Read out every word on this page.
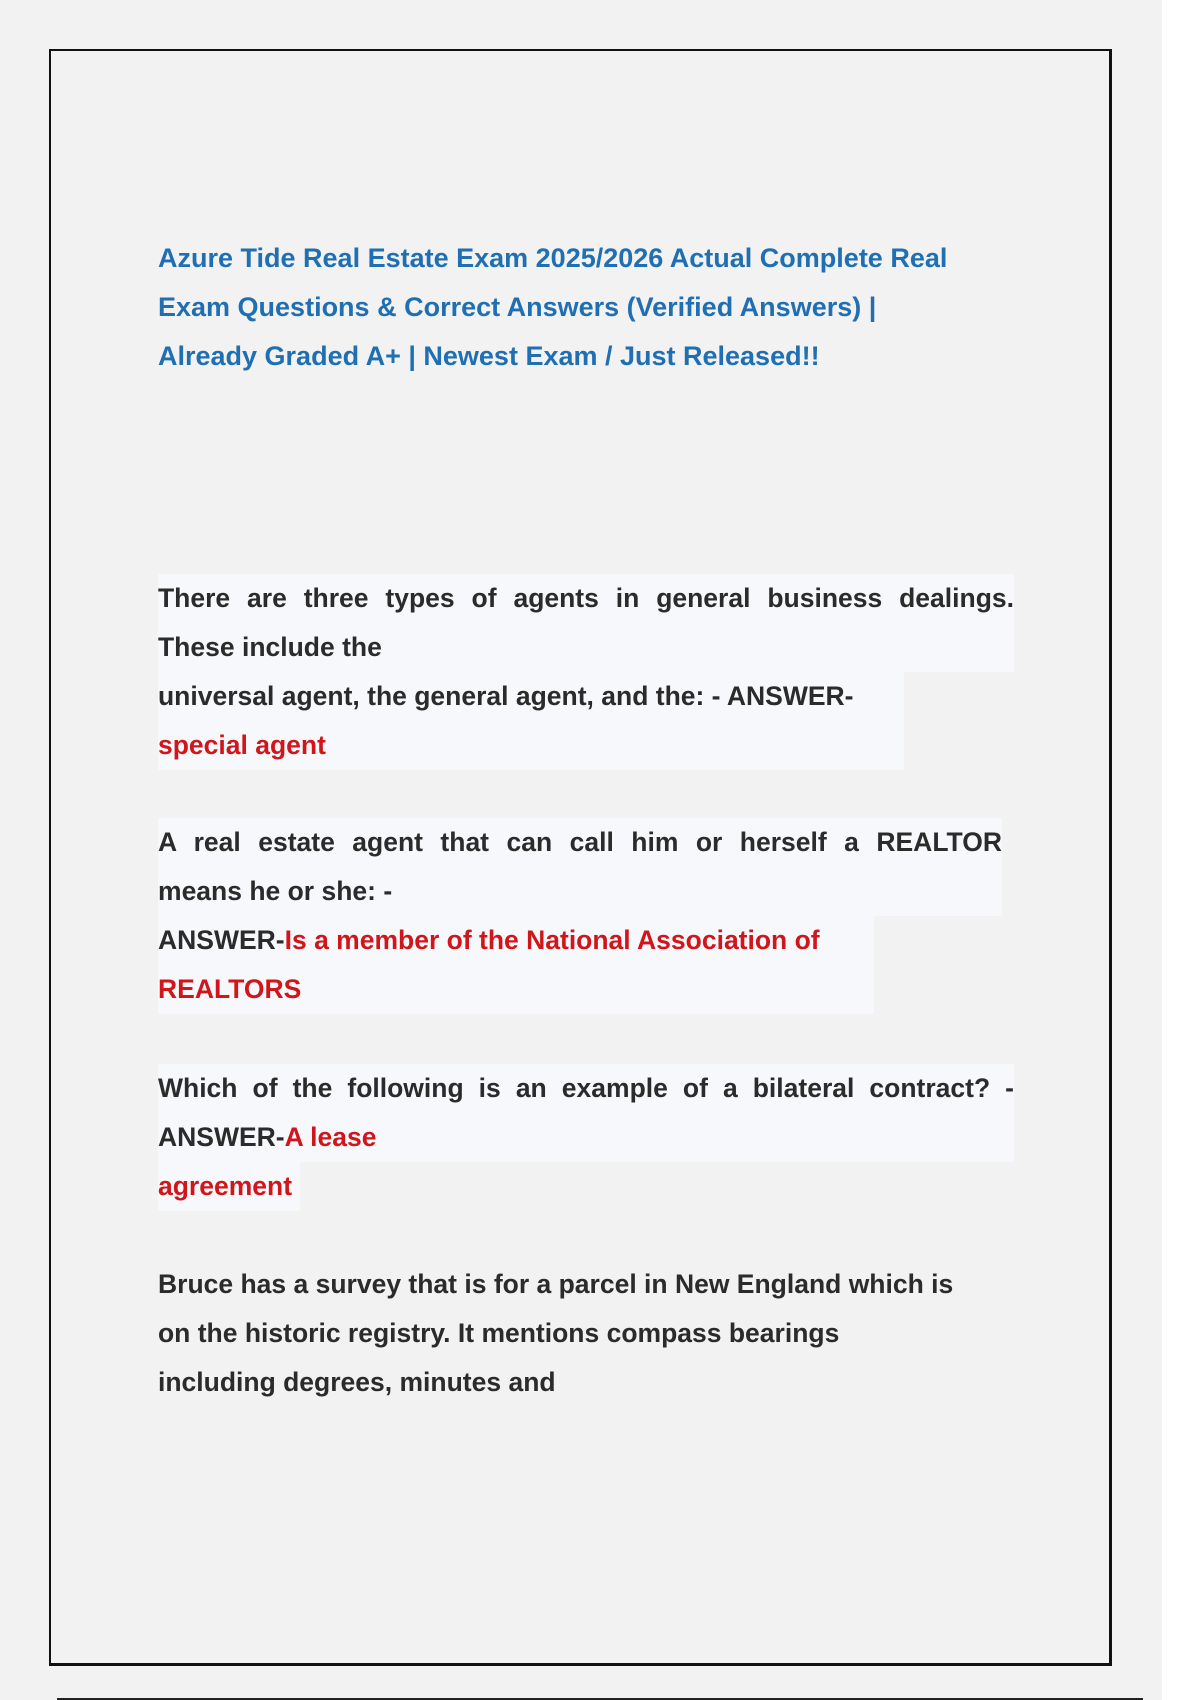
Azure Tide Real Estate Exam 2025/2026 Actual Complete Real
Exam Questions & Correct Answers (Verified Answers) |
Already Graded A+ | Newest Exam / Just Released!!
There are three types of agents in general business dealings.
These include the
universal agent, the general agent, and the: - ANSWER-
special agent
A real estate agent that can call him or herself a REALTOR
means he or she: -
ANSWER-Is a member of the National Association of
REALTORS
Which of the following is an example of a bilateral contract? -
ANSWER-A lease
agreement
Bruce has a survey that is for a parcel in New England which is
on the historic registry. It mentions compass bearings
including degrees, minutes and
